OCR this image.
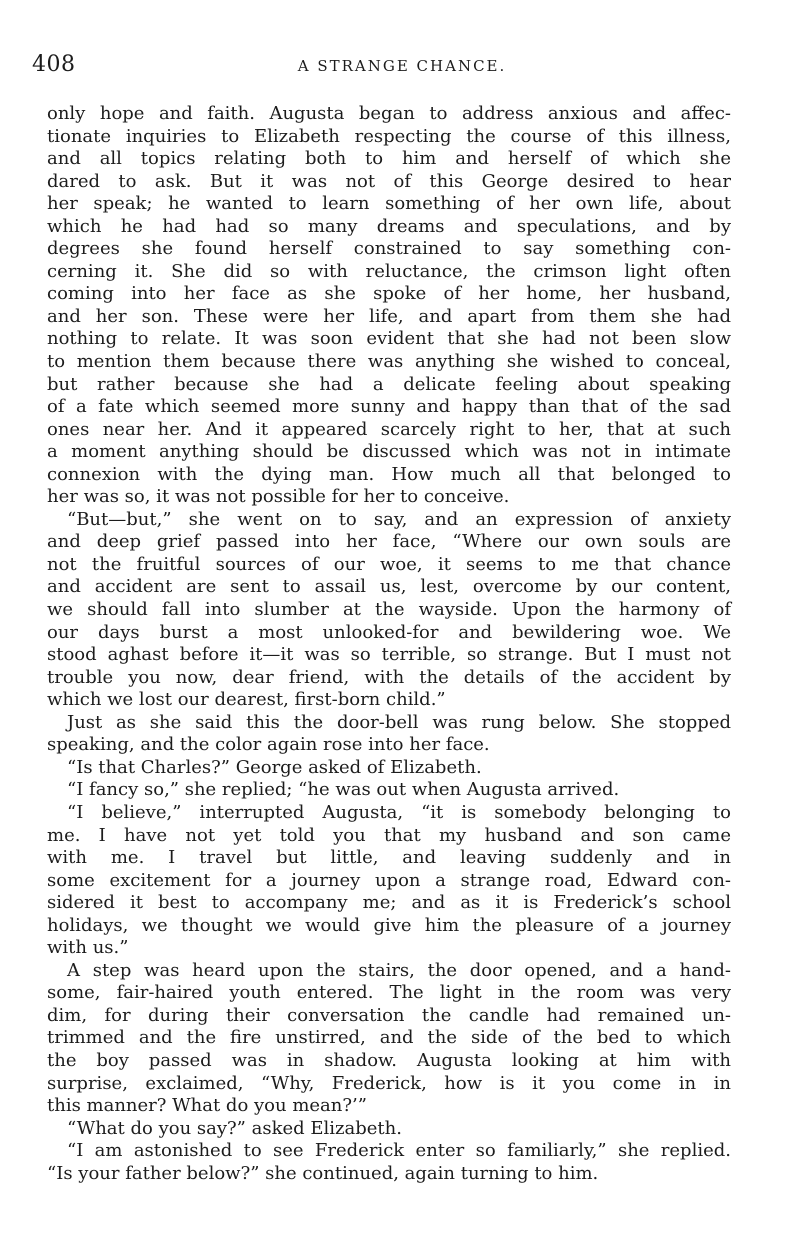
408	A STRANGE CHANCE.
only hope and faith. Augusta began to address anxious and affec-
tionate inquiries to Elizabeth respecting the course of this illness,
and all topics relating both to him and herself of which she
dared to ask. But it was not of this George desired to hear
her speak; he wanted to learn something of her own life, about
which he had had so many dreams and speculations, and by
degrees she found herself constrained to say something con-
cerning it. She did so with reluctance, the crimson light often
coming into her face as she spoke of her home, her husband,
and her son. These were her life, and apart from them she had
nothing to relate. It was soon evident that she had not been slow
to mention them because there was anything she wished to conceal,
but rather because she had a delicate feeling about speaking
of a fate which seemed more sunny and happy than that of the sad
ones near her. And it appeared scarcely right to her, that at such
a moment anything should be discussed which was not in intimate
connexion with the dying man. How much all that belonged to
her was so, it was not possible for her to conceive.
“But—but,” she went on to say, and an expression of anxiety
and deep grief passed into her face, “Where our own souls are
not the fruitful sources of our woe, it seems to me that chance
and accident are sent to assail us, lest, overcome by our content,
we should fall into slumber at the wayside. Upon the harmony of
our days burst a most unlooked-for and bewildering woe. We
stood aghast before it—it was so terrible, so strange. But I must not
trouble you now, dear friend, with the details of the accident by
which we lost our dearest, first-born child.”
Just as she said this the door-bell was rung below. She stopped
speaking, and the color again rose into her face.
“Is that Charles?” George asked of Elizabeth.
“I fancy so,” she replied; “he was out when Augusta arrived.
“I believe,” interrupted Augusta, “it is somebody belonging to
me. I have not yet told you that my husband and son came
with me. I travel but little, and leaving suddenly and in
some excitement for a journey upon a strange road, Edward con-
sidered it best to accompany me; and as it is Frederick’s school
holidays, we thought we would give him the pleasure of a journey
with us.”
A step was heard upon the stairs, the door opened, and a hand-
some, fair-haired youth entered. The light in the room was very
dim, for during their conversation the candle had remained un-
trimmed and the fire unstirred, and the side of the bed to which
the boy passed was in shadow. Augusta looking at him with
surprise, exclaimed, “Why, Frederick, how is it you come in in
this manner? What do you mean?’”
“What do you say?” asked Elizabeth.
“I am astonished to see Frederick enter so familiarly,” she replied.
“Is your father below?” she continued, again turning to him.
